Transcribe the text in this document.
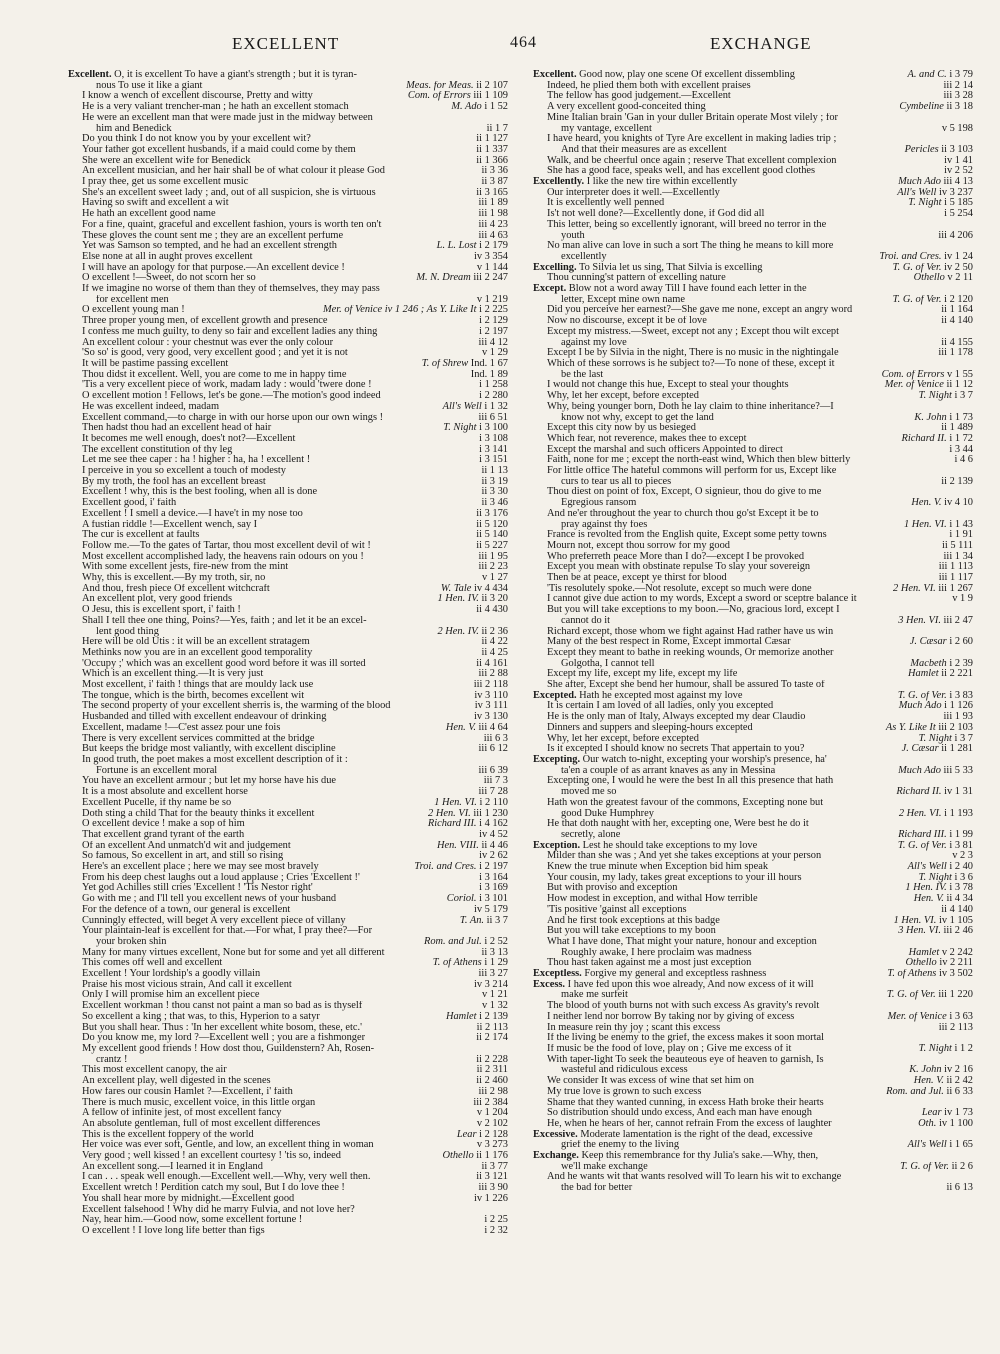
EXCELLENT	464	EXCHANGE
Excellent. O, it is excellent To have a giant's strength ; but it is tyran-
nous To use it like a giant	Meas. for Meas. ii 2 107
I know a wench of excellent discourse, Pretty and witty	Com. of Errors iii 1 109
He is a very valiant trencher-man ; he hath an excellent stomach	M. Ado i 1 52
He were an excellent man that were made just in the midway between
him and Benedick	ii 1 7
Do you think I do not know you by your excellent wit?	ii 1 127
Your father got excellent husbands, if a maid could come by them	ii 1 337
She were an excellent wife for Benedick	ii 1 366
An excellent musician, and her hair shall be of what colour it please God	ii 3 36
I pray thee, get us some excellent music	ii 3 87
She's an excellent sweet lady ; and, out of all suspicion, she is virtuous	ii 3 165
Having so swift and excellent a wit	iii 1 89
He hath an excellent good name	iii 1 98
For a fine, quaint, graceful and excellent fashion, yours is worth ten on't	iii 4 23
These gloves the count sent me ; they are an excellent perfume	iii 4 63
Yet was Samson so tempted, and he had an excellent strength	L. L. Lost i 2 179
Else none at all in aught proves excellent	iv 3 354
I will have an apology for that purpose.—An excellent device !	v 1 144
O excellent !—Sweet, do not scorn her so	M. N. Dream iii 2 247
If we imagine no worse of them than they of themselves, they may pass
for excellent men	v 1 219
O excellent young man !	Mer. of Venice iv 1 246 ; As Y. Like It i 2 225
Three proper young men, of excellent growth and presence	i 2 129
I confess me much guilty, to deny so fair and excellent ladies any thing	i 2 197
An excellent colour : your chestnut was ever the only colour	iii 4 12
'So so' is good, very good, very excellent good ; and yet it is not	v 1 29
It will be pastime passing excellent	T. of Shrew Ind. 1 67
Thou didst it excellent. Well, you are come to me in happy time	Ind. 1 89
'Tis a very excellent piece of work, madam lady : would 'twere done !	i 1 258
O excellent motion ! Fellows, let's be gone.—The motion's good indeed	i 2 280
He was excellent indeed, madam	All's Well i 1 32
Excellent command,—to charge in with our horse upon our own wings !	iii 6 51
Then hadst thou had an excellent head of hair	T. Night i 3 100
It becomes me well enough, does't not?—Excellent	i 3 108
The excellent constitution of thy leg	i 3 141
Let me see thee caper : ha ! higher : ha, ha ! excellent !	i 3 151
I perceive in you so excellent a touch of modesty	ii 1 13
By my troth, the fool has an excellent breast	ii 3 19
Excellent ! why, this is the best fooling, when all is done	ii 3 30
Excellent good, i' faith	ii 3 46
Excellent ! I smell a device.—I have't in my nose too	ii 3 176
A fustian riddle !—Excellent wench, say I	ii 5 120
The cur is excellent at faults	ii 5 140
Follow me.—To the gates of Tartar, thou most excellent devil of wit !	ii 5 227
Most excellent accomplished lady, the heavens rain odours on you !	iii 1 95
With some excellent jests, fire-new from the mint	iii 2 23
Why, this is excellent.—By my troth, sir, no	v 1 27
And thou, fresh piece Of excellent witchcraft	W. Tale iv 4 434
An excellent plot, very good friends	1 Hen. IV. ii 3 20
O Jesu, this is excellent sport, i' faith !	ii 4 430
Shall I tell thee one thing, Poins?—Yes, faith ; and let it be an excel-
lent good thing	2 Hen. IV. ii 2 36
Here will be old Utis : it will be an excellent stratagem	ii 4 22
Methinks now you are in an excellent good temporality	ii 4 25
'Occupy ;' which was an excellent good word before it was ill sorted	ii 4 161
Which is an excellent thing.—It is very just	iii 2 88
Most excellent, i' faith ! things that are mouldy lack use	iii 2 118
The tongue, which is the birth, becomes excellent wit	iv 3 110
The second property of your excellent sherris is, the warming of the blood	iv 3 111
Husbanded and tilled with excellent endeavour of drinking	iv 3 130
Excellent, madame !—C'est assez pour une fois	Hen. V. iii 4 64
There is very excellent services committed at the bridge	iii 6 3
But keeps the bridge most valiantly, with excellent discipline	iii 6 12
In good truth, the poet makes a most excellent description of it :
Fortune is an excellent moral	iii 6 39
You have an excellent armour ; but let my horse have his due	iii 7 3
It is a most absolute and excellent horse	iii 7 28
Excellent Pucelle, if thy name be so	1 Hen. VI. i 2 110
Doth sting a child That for the beauty thinks it excellent	2 Hen. VI. iii 1 230
O excellent device ! make a sop of him	Richard III. i 4 162
That excellent grand tyrant of the earth	iv 4 52
Of an excellent And unmatch'd wit and judgement	Hen. VIII. ii 4 46
So famous, So excellent in art, and still so rising	iv 2 62
Here's an excellent place ; here we may see most bravely	Troi. and Cres. i 2 197
From his deep chest laughs out a loud applause ; Cries 'Excellent !'	i 3 164
Yet god Achilles still cries 'Excellent ! 'Tis Nestor right'	i 3 169
Go with me ; and I'll tell you excellent news of your husband	Coriol. i 3 101
For the defence of a town, our general is excellent	iv 5 179
Cunningly effected, will beget A very excellent piece of villany	T. An. ii 3 7
Your plaintain-leaf is excellent for that.—For what, I pray thee?—For
your broken shin	Rom. and Jul. i 2 52
Many for many virtues excellent, None but for some and yet all different	ii 3 13
This comes off well and excellent	T. of Athens i 1 29
Excellent ! Your lordship's a goodly villain	iii 3 27
Praise his most vicious strain, And call it excellent	iv 3 214
Only I will promise him an excellent piece	v 1 21
Excellent workman ! thou canst not paint a man so bad as is thyself	v 1 32
So excellent a king ; that was, to this, Hyperion to a satyr	Hamlet i 2 139
But you shall hear. Thus : 'In her excellent white bosom, these, etc.'	ii 2 113
Do you know me, my lord ?—Excellent well ; you are a fishmonger	ii 2 174
My excellent good friends ! How dost thou, Guildenstern? Ah, Rosen-
crantz !	ii 2 228
This most excellent canopy, the air	ii 2 311
An excellent play, well digested in the scenes	ii 2 460
How fares our cousin Hamlet ?—Excellent, i' faith	iii 2 98
There is much music, excellent voice, in this little organ	iii 2 384
A fellow of infinite jest, of most excellent fancy	v 1 204
An absolute gentleman, full of most excellent differences	v 2 102
This is the excellent foppery of the world	Lear i 2 128
Her voice was ever soft, Gentle, and low, an excellent thing in woman	v 3 273
Very good ; well kissed ! an excellent courtesy ! 'tis so, indeed	Othello ii 1 176
An excellent song.—I learned it in England	ii 3 77
I can . . . speak well enough.—Excellent well.—Why, very well then.	ii 3 121
Excellent wretch ! Perdition catch my soul, But I do love thee !	iii 3 90
You shall hear more by midnight.—Excellent good	iv 1 226
Excellent falsehood ! Why did he marry Fulvia, and not love her?
Nay, hear him.—Good now, some excellent fortune !	i 2 25
O excellent ! I love long life better than figs	i 2 32
Excellent. Good now, play one scene Of excellent dissembling	A. and C. i 3 79
Indeed, he plied them both with excellent praises	iii 2 14
The fellow has good judgement.—Excellent	iii 3 28
A very excellent good-conceited thing	Cymbeline ii 3 18
Mine Italian brain 'Gan in your duller Britain operate Most vilely ; for
my vantage, excellent	v 5 198
I have heard, you knights of Tyre Are excellent in making ladies trip ;
And that their measures are as excellent	Pericles ii 3 103
Walk, and be cheerful once again ; reserve That excellent complexion	iv 1 41
She has a good face, speaks well, and has excellent good clothes	iv 2 52
Excellently. I like the new tire within excellently	Much Ado iii 4 13
Our interpreter does it well.—Excellently	All's Well iv 3 237
It is excellently well penned	T. Night i 5 185
Is't not well done?—Excellently done, if God did all	i 5 254
This letter, being so excellently ignorant, will breed no terror in the
youth	iii 4 206
No man alive can love in such a sort The thing he means to kill more
excellently	Troi. and Cres. iv 1 24
Excelling. To Silvia let us sing, That Silvia is excelling	T. G. of Ver. iv 2 50
Thou cunning'st pattern of excelling nature	Othello v 2 11
Except. Blow not a word away Till I have found each letter in the
letter, Except mine own name	T. G. of Ver. i 2 120
Did you perceive her earnest?—She gave me none, except an angry word	ii 1 164
Now no discourse, except it be of love	ii 4 140
Except my mistress.—Sweet, except not any ; Except thou wilt except
against my love	ii 4 155
Except I be by Silvia in the night, There is no music in the nightingale	iii 1 178
Which of these sorrows is he subject to?—To none of these, except it
be the last	Com. of Errors v 1 55
I would not change this hue, Except to steal your thoughts	Mer. of Venice ii 1 12
Why, let her except, before excepted	T. Night i 3 7
Why, being younger born, Doth he lay claim to thine inheritance?—I
know not why, except to get the land	K. John i 1 73
Except this city now by us besieged	ii 1 489
Which fear, not reverence, makes thee to except	Richard II. i 1 72
Except the marshal and such officers Appointed to direct	i 3 44
Faith, none for me ; except the north-east wind, Which then blew bitterly	i 4 6
For little office The hateful commons will perform for us, Except like
curs to tear us all to pieces	ii 2 139
Thou diest on point of fox, Except, O signieur, thou do give to me
Egregious ransom	Hen. V. iv 4 10
And ne'er throughout the year to church thou go'st Except it be to
pray against thy foes	1 Hen. VI. i 1 43
France is revolted from the English quite, Except some petty towns	i 1 91
Mourn not, except thou sorrow for my good	ii 5 111
Who preferreth peace More than I do?—except I be provoked	iii 1 34
Except you mean with obstinate repulse To slay your sovereign	iii 1 113
Then be at peace, except ye thirst for blood	iii 1 117
'Tis resolutely spoke.—Not resolute, except so much were done	2 Hen. VI. iii 1 267
I cannot give due action to my words, Except a sword or sceptre balance it	v 1 9
But you will take exceptions to my boon.—No, gracious lord, except I
cannot do it	3 Hen. VI. iii 2 47
Richard except, those whom we fight against Had rather have us win
Many of the best respect in Rome, Except immortal Cæsar	J. Cæsar i 2 60
Except they meant to bathe in reeking wounds, Or memorize another
Golgotha, I cannot tell	Macbeth i 2 39
Except my life, except my life, except my life	Hamlet ii 2 221
She after, Except she bend her humour, shall be assured To taste of
Excepted. Hath he excepted most against my love	T. G. of Ver. i 3 83
It is certain I am loved of all ladies, only you excepted	Much Ado i 1 126
He is the only man of Italy, Always excepted my dear Claudio	iii 1 93
Dinners and suppers and sleeping-hours excepted	As Y. Like It iii 2 103
Why, let her except, before excepted	T. Night i 3 7
Is it excepted I should know no secrets That appertain to you?	J. Cæsar ii 1 281
Excepting. Our watch to-night, excepting your worship's presence, ha'
ta'en a couple of as arrant knaves as any in Messina	Much Ado iii 5 33
Excepting one, I would he were the best In all this presence that hath
moved me so	Richard II. iv 1 31
Hath won the greatest favour of the commons, Excepting none but
good Duke Humphrey	2 Hen. VI. i 1 193
He that doth naught with her, excepting one, Were best he do it
secretly, alone	Richard III. i 1 99
Exception. Lest he should take exceptions to my love	T. G. of Ver. i 3 81
Milder than she was ; And yet she takes exceptions at your person	v 2 3
Knew the true minute when Exception bid him speak	All's Well i 2 40
Your cousin, my lady, takes great exceptions to your ill hours	T. Night i 3 6
But with proviso and exception	1 Hen. IV. i 3 78
How modest in exception, and withal How terrible	Hen. V. ii 4 34
'Tis positive 'gainst all exceptions	ii 4 140
And he first took exceptions at this badge	1 Hen. VI. iv 1 105
But you will take exceptions to my boon	3 Hen. VI. iii 2 46
What I have done, That might your nature, honour and exception
Roughly awake, I here proclaim was madness	Hamlet v 2 242
Thou hast taken against me a most just exception	Othello iv 2 211
Exceptless. Forgive my general and exceptless rashness	T. of Athens iv 3 502
Excess. I have fed upon this woe already, And now excess of it will
make me surfeit	T. G. of Ver. iii 1 220
The blood of youth burns not with such excess As gravity's revolt
I neither lend nor borrow By taking nor by giving of excess	Mer. of Venice i 3 63
In measure rein thy joy ; scant this excess	iii 2 113
If the living be enemy to the grief, the excess makes it soon mortal
If music be the food of love, play on ; Give me excess of it	T. Night i 1 2
With taper-light To seek the beauteous eye of heaven to garnish, Is
wasteful and ridiculous excess	K. John iv 2 16
We consider It was excess of wine that set him on	Hen. V. ii 2 42
My true love is grown to such excess	Rom. and Jul. ii 6 33
Shame that they wanted cunning, in excess Hath broke their hearts
So distribution should undo excess, And each man have enough	Lear iv 1 73
He, when he hears of her, cannot refrain From the excess of laughter	Oth. iv 1 100
Excessive. Moderate lamentation is the right of the dead, excessive
grief the enemy to the living	All's Well i 1 65
Exchange. Keep this remembrance for thy Julia's sake.—Why, then,
we'll make exchange	T. G. of Ver. ii 2 6
And he wants wit that wants resolved will To learn his wit to exchange
the bad for better	ii 6 13
